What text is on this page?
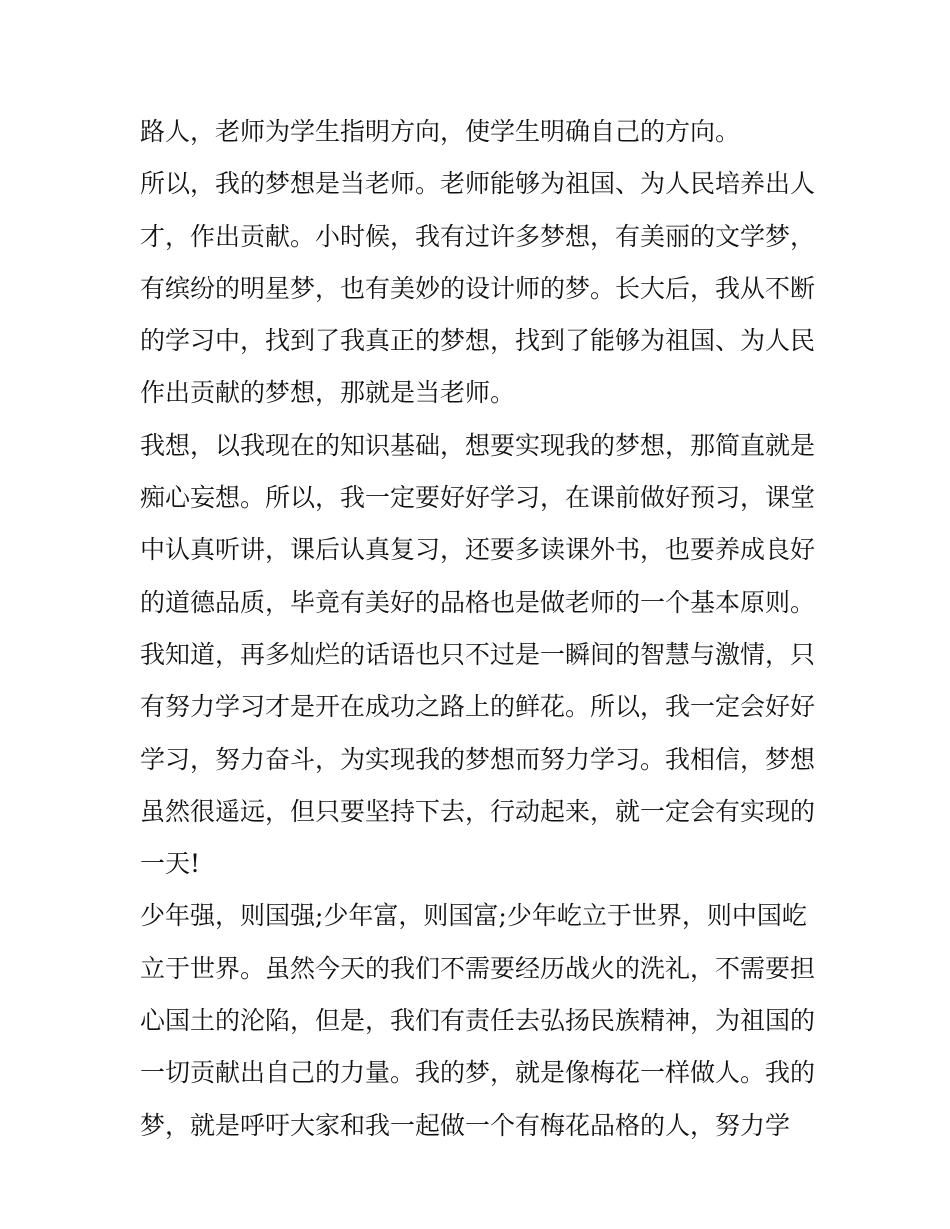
路人，老师为学生指明方向，使学生明确自己的方向。
所以，我的梦想是当老师。老师能够为祖国、为人民培养出人
才，作出贡献。小时候，我有过许多梦想，有美丽的文学梦，
有缤纷的明星梦，也有美妙的设计师的梦。长大后，我从不断
的学习中，找到了我真正的梦想，找到了能够为祖国、为人民
作出贡献的梦想，那就是当老师。
我想，以我现在的知识基础，想要实现我的梦想，那简直就是
痴心妄想。所以，我一定要好好学习，在课前做好预习，课堂
中认真听讲，课后认真复习，还要多读课外书，也要养成良好
的道德品质，毕竟有美好的品格也是做老师的一个基本原则。
我知道，再多灿烂的话语也只不过是一瞬间的智慧与激情，只
有努力学习才是开在成功之路上的鲜花。所以，我一定会好好
学习，努力奋斗，为实现我的梦想而努力学习。我相信，梦想
虽然很遥远，但只要坚持下去，行动起来，就一定会有实现的
一天!
少年强，则国强;少年富，则国富;少年屹立于世界，则中国屹
立于世界。虽然今天的我们不需要经历战火的洗礼，不需要担
心国土的沦陷，但是，我们有责任去弘扬民族精神，为祖国的
一切贡献出自己的力量。我的梦，就是像梅花一样做人。我的
梦，就是呼吁大家和我一起做一个有梅花品格的人，努力学
